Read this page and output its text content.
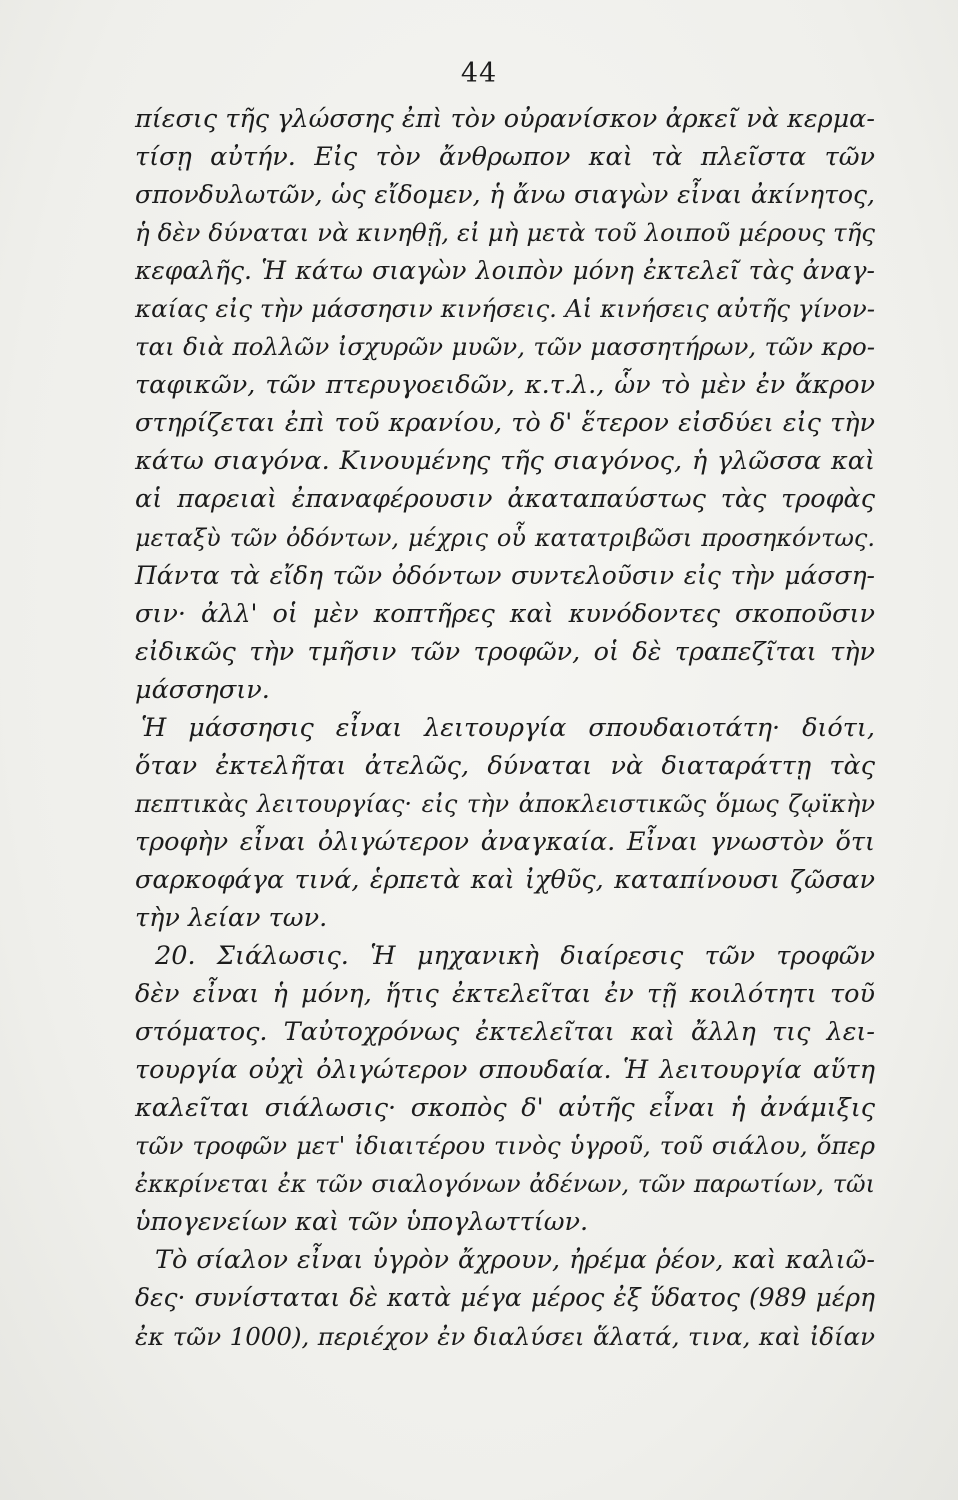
44
πίεσις τῆς γλώσσης ἐπὶ τὸν οὐρανίσκον ἀρκεῖ νὰ κερμα-
τίσῃ αὐτήν. Εἰς τὸν ἄνθρωπον καὶ τὰ πλεῖστα τῶν
σπονδυλωτῶν, ὡς εἴδομεν, ἡ ἄνω σιαγὼν εἶναι ἀκίνητος,
ἡ δὲν δύναται νὰ κινηθῇ, εἰ μὴ μετὰ τοῦ λοιποῦ μέρους τῆς
κεφαλῆς. Ἡ κάτω σιαγὼν λοιπὸν μόνη ἐκτελεῖ τὰς ἀναγ-
καίας εἰς τὴν μάσσησιν κινήσεις. Αἱ κινήσεις αὐτῆς γίνον-
ται διὰ πολλῶν ἰσχυρῶν μυῶν, τῶν μασσητήρων, τῶν κρο-
ταφικῶν, τῶν πτερυγοειδῶν, κ.τ.λ., ὧν τὸ μὲν ἐν ἄκρον
στηρίζεται ἐπὶ τοῦ κρανίου, τὸ δ' ἕτερον εἰσδύει εἰς τὴν
κάτω σιαγόνα. Κινουμένης τῆς σιαγόνος, ἡ γλῶσσα καὶ
αἱ παρειαὶ ἐπαναφέρουσιν ἀκαταπαύστως τὰς τροφὰς
μεταξὺ τῶν ὀδόντων, μέχρις οὗ κατατριβῶσι προσηκόντως.
Πάντα τὰ εἴδη τῶν ὀδόντων συντελοῦσιν εἰς τὴν μάσση-
σιν· ἀλλ' οἱ μὲν κοπτῆρες καὶ κυνόδοντες σκοποῦσιν
εἰδικῶς τὴν τμῆσιν τῶν τροφῶν, οἱ δὲ τραπεζῖται τὴν
μάσσησιν.
Ἡ μάσσησις εἶναι λειτουργία σπουδαιοτάτη· διότι,
ὅταν ἐκτελῆται ἀτελῶς, δύναται νὰ διαταράττῃ τὰς
πεπτικὰς λειτουργίας· εἰς τὴν ἀποκλειστικῶς ὅμως ζῳϊκὴν
τροφὴν εἶναι ὀλιγώτερον ἀναγκαία. Εἶναι γνωστὸν ὅτι
σαρκοφάγα τινά, ἑρπετὰ καὶ ἰχθῦς, καταπίνουσι ζῶσαν
τὴν λείαν των.
20. Σιάλωσις. Ἡ μηχανικὴ διαίρεσις τῶν τροφῶν
δὲν εἶναι ἡ μόνη, ἥτις ἐκτελεῖται ἐν τῇ κοιλότητι τοῦ
στόματος. Ταὐτοχρόνως ἐκτελεῖται καὶ ἄλλη τις λει-
τουργία οὐχὶ ὀλιγώτερον σπουδαία. Ἡ λειτουργία αὕτη
καλεῖται σιάλωσις· σκοπὸς δ' αὐτῆς εἶναι ἡ ἀνάμιξις
τῶν τροφῶν μετ' ἰδιαιτέρου τινὸς ὑγροῦ, τοῦ σιάλου, ὅπερ
ἐκκρίνεται ἐκ τῶν σιαλογόνων ἀδένων, τῶν παρωτίων, τῶι
ὑπογενείων καὶ τῶν ὑπογλωττίων.
Τὸ σίαλον εἶναι ὑγρὸν ἄχρουν, ἠρέμα ῥέον, καὶ καλιῶ-
δες· συνίσταται δὲ κατὰ μέγα μέρος ἐξ ὕδατος (989 μέρη
ἐκ τῶν 1000), περιέχον ἐν διαλύσει ἅλατά, τινα, καὶ ἰδίαν
